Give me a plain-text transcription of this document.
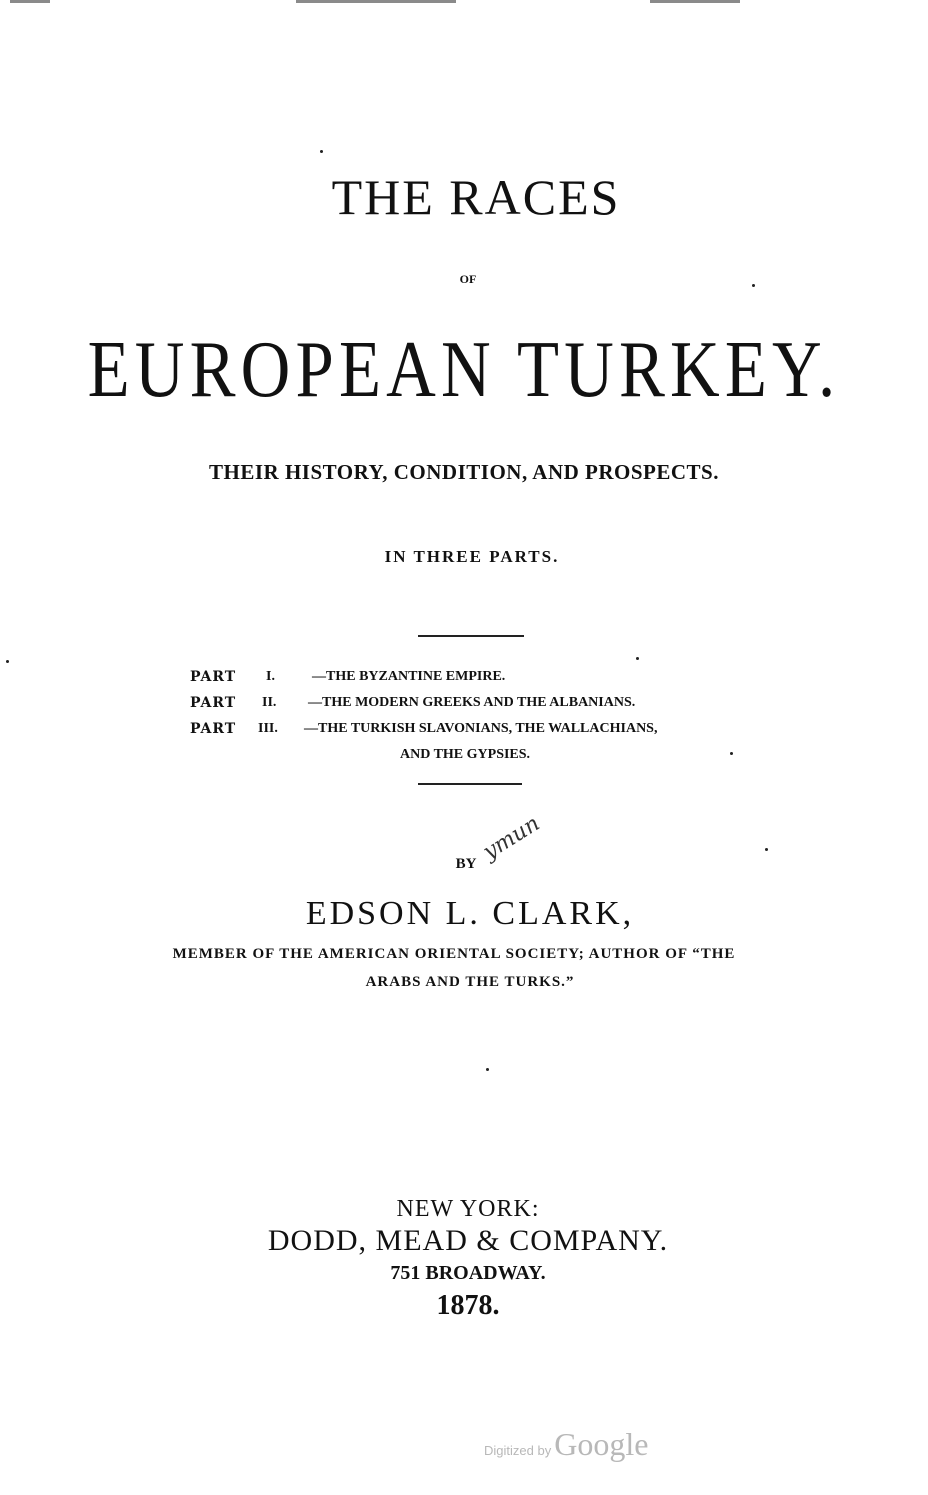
THE RACES
OF
EUROPEAN TURKEY.
THEIR HISTORY, CONDITION, AND PROSPECTS.
IN THREE PARTS.
PART	I.	—THE BYZANTINE EMPIRE.
PART	II.	—THE MODERN GREEKS AND THE ALBANIANS.
PART	III.	—THE TURKISH SLAVONIANS, THE WALLACHIANS,
AND THE GYPSIES.
BY ymun
EDSON L. CLARK,
MEMBER OF THE AMERICAN ORIENTAL SOCIETY; AUTHOR OF “THE
ARABS AND THE TURKS.”
NEW YORK:
DODD, MEAD & COMPANY.
751 BROADWAY.
1878.
Digitized by Google
